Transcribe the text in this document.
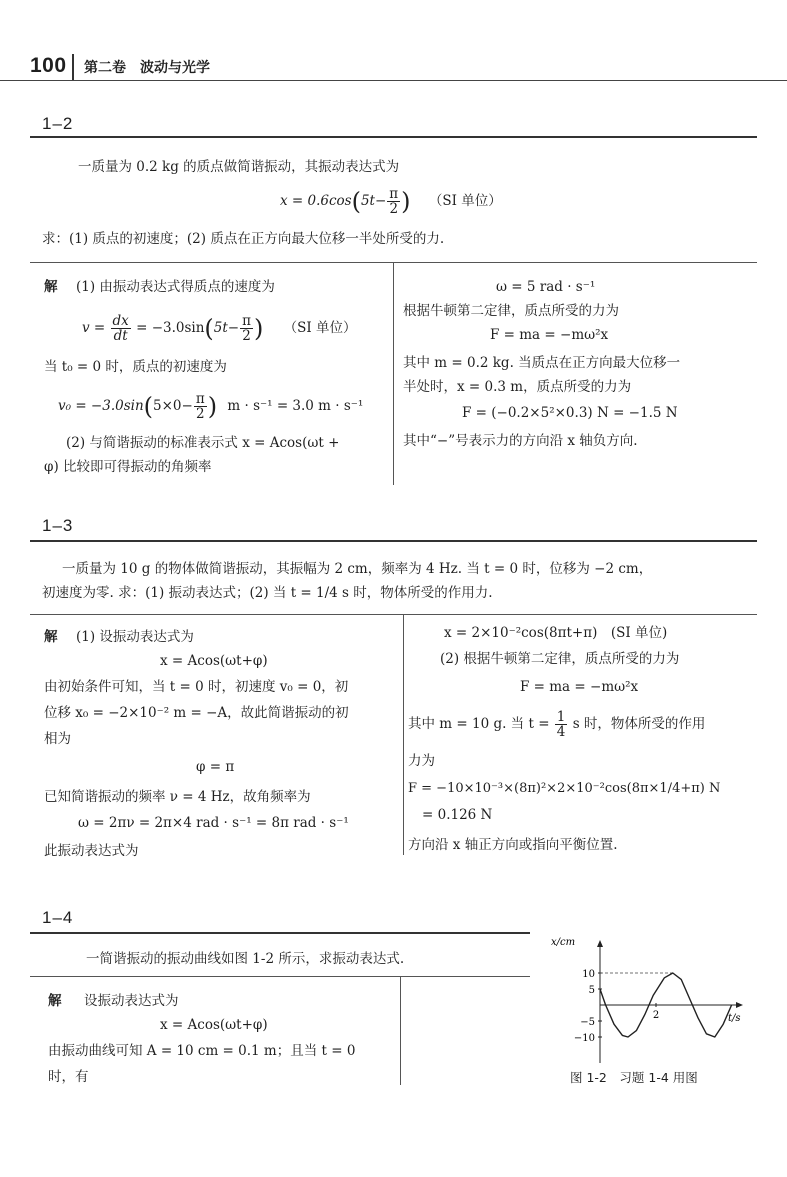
100 第二卷　波动与光学
1–2
一质量为 0.2 kg 的质点做简谐振动，其振动表达式为
$x = 0.6\cos(5t- \frac{\pi}{2}$ ) （SI 单位）
求：(1) 质点的初速度；(2) 质点在正方向最大位移一半处所受的力.
解 (1) 由振动表达式得质点的速度为
$v = \frac{dx}{dt} = -3.0\sin(5t- \frac{\pi}{2}$ ) （SI 单位）
当 t₀ = 0 时，质点的初速度为
$v_0 = -3.0\sin(5\times 0- \frac{\pi}{2}$ ) m · s⁻¹ = 3.0 m · s⁻¹
(2) 与简谐振动的标准表示式 x = Acos(ωt +
φ) 比较即可得振动的角频率
ω = 5 rad · s⁻¹
根据牛顿第二定律，质点所受的力为
F = ma = −mω²x
其中 m = 0.2 kg. 当质点在正方向最大位移一
半处时，x = 0.3 m，质点所受的力为
F = (−0.2×5²×0.3) N = −1.5 N
其中“−”号表示力的方向沿 x 轴负方向.
1–3
一质量为 10 g 的物体做简谐振动，其振幅为 2 cm，频率为 4 Hz. 当 t = 0 时，位移为 −2 cm，
初速度为零. 求：(1) 振动表达式；(2) 当 t = 1/4 s 时，物体所受的作用力.
解 (1) 设振动表达式为
x = Acos(ωt+φ)
由初始条件可知，当 t = 0 时，初速度 v₀ = 0，初
位移 x₀ = −2×10⁻² m = −A，故此简谐振动的初
相为
φ = π
已知简谐振动的频率 ν = 4 Hz，故角频率为
ω = 2πν = 2π×4 rad · s⁻¹ = 8π rad · s⁻¹
此振动表达式为
x = 2×10⁻²cos(8πt+π)　(SI 单位)
(2) 根据牛顿第二定律，质点所受的力为
F = ma = −mω²x
其中 m = 10 g. 当 $t = \frac{1}{4}$ s 时，物体所受的作用
力为
F = −10×10⁻³×(8π)²×2×10⁻²cos(8π×1/4+π) N
= 0.126 N
方向沿 x 轴正方向或指向平衡位置.
1–4
一简谐振动的振动曲线如图 1-2 所示，求振动表达式.
解 设振动表达式为
x = Acos(ωt+φ)
由振动曲线可知 A = 10 cm = 0.1 m；且当 t = 0
时，有
x/cm
t/s
10
5
−5
−10
2
图 1-2　习题 1-4 用图
